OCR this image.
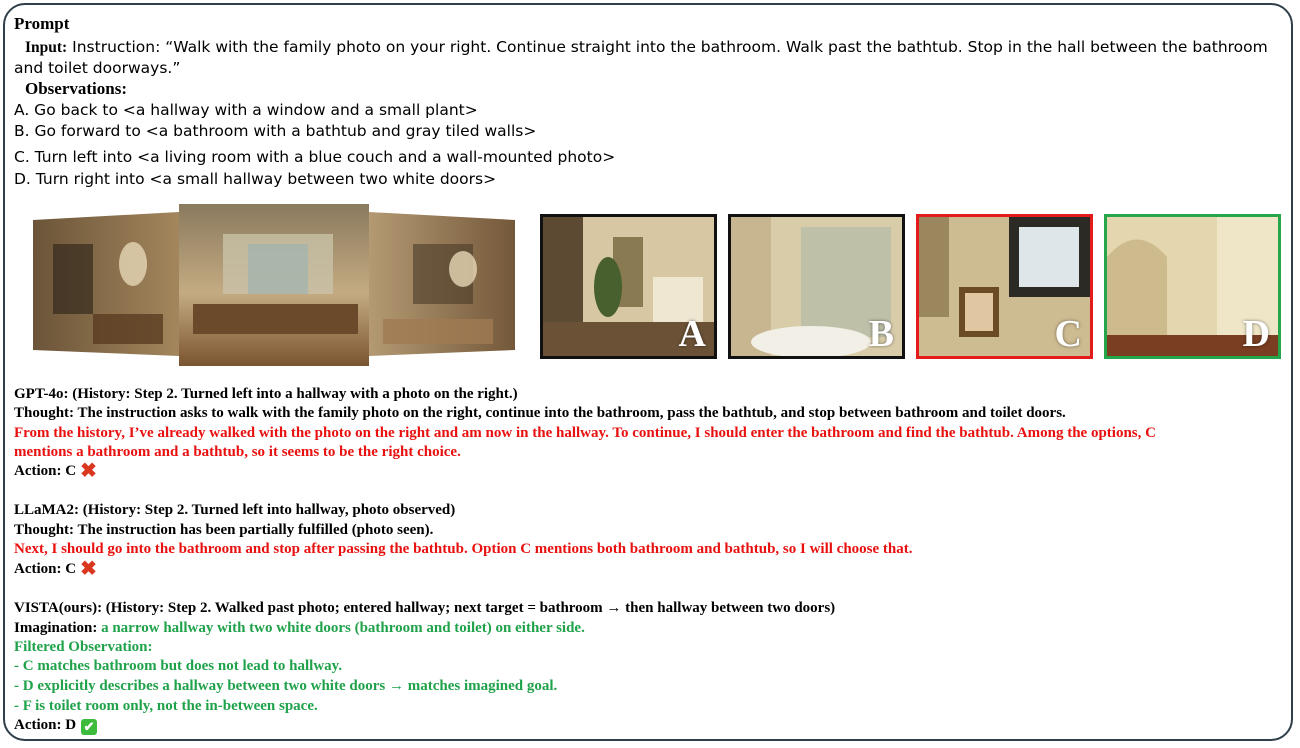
Prompt
Input: Instruction: “Walk with the family photo on your right. Continue straight into the bathroom. Walk past the bathtub. Stop in the hall between the bathroom
and toilet doorways.”
Observations:
A. Go back to <a hallway with a window and a small plant>
B. Go forward to <a bathroom with a bathtub and gray tiled walls>
C. Turn left into <a living room with a blue couch and a wall-mounted photo>
D. Turn right into <a small hallway between two white doors>
A	B	C	D
GPT-4o: (History: Step 2. Turned left into a hallway with a photo on the right.)
Thought: The instruction asks to walk with the family photo on the right, continue into the bathroom, pass the bathtub, and stop between bathroom and toilet doors.
From the history, I’ve already walked with the photo on the right and am now in the hallway. To continue, I should enter the bathroom and find the bathtub. Among the options, C
mentions a bathroom and a bathtub, so it seems to be the right choice.
Action: C ✖
LLaMA2: (History: Step 2. Turned left into hallway, photo observed)
Thought: The instruction has been partially fulfilled (photo seen).
Next, I should go into the bathroom and stop after passing the bathtub. Option C mentions both bathroom and bathtub, so I will choose that.
Action: C ✖
VISTA(ours): (History: Step 2. Walked past photo; entered hallway; next target = bathroom → then hallway between two doors)
Imagination: a narrow hallway with two white doors (bathroom and toilet) on either side.
Filtered Observation:
- C matches bathroom but does not lead to hallway.
- D explicitly describes a hallway between two white doors → matches imagined goal.
- F is toilet room only, not the in-between space.
Action: D ✔
